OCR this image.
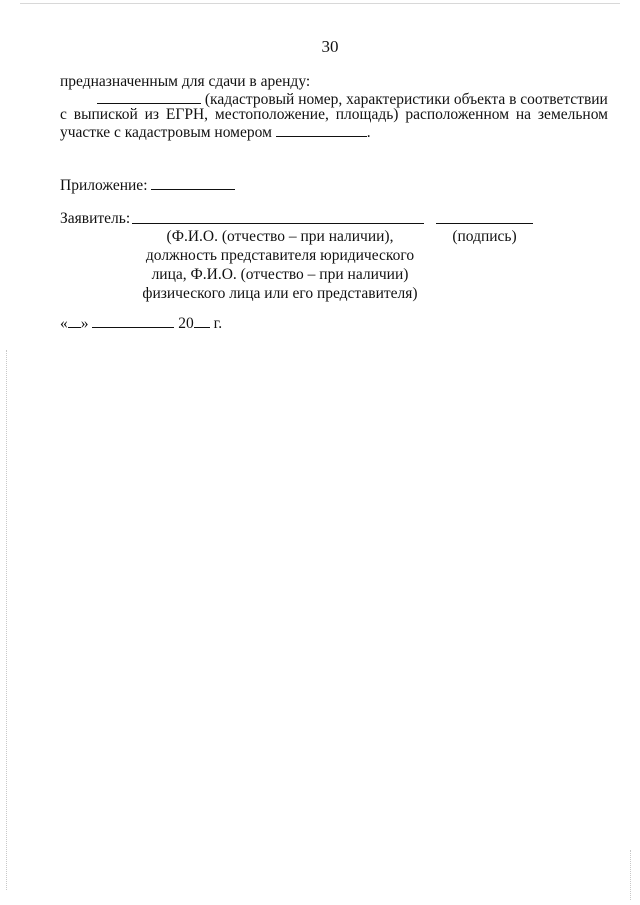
30
предназначенным для сдачи в аренду:
(кадастровый номер, характеристики объекта в соответствии
с выпиской из ЕГРН, местоположение, площадь) расположенном на земельном
участке с кадастровым номером	.
Приложение:
Заявитель:
(Ф.И.О. (отчество – при наличии),
должность представителя юридического
лица, Ф.И.О. (отчество – при наличии)
физического лица или его представителя)
(подпись)
« »	20 г.
